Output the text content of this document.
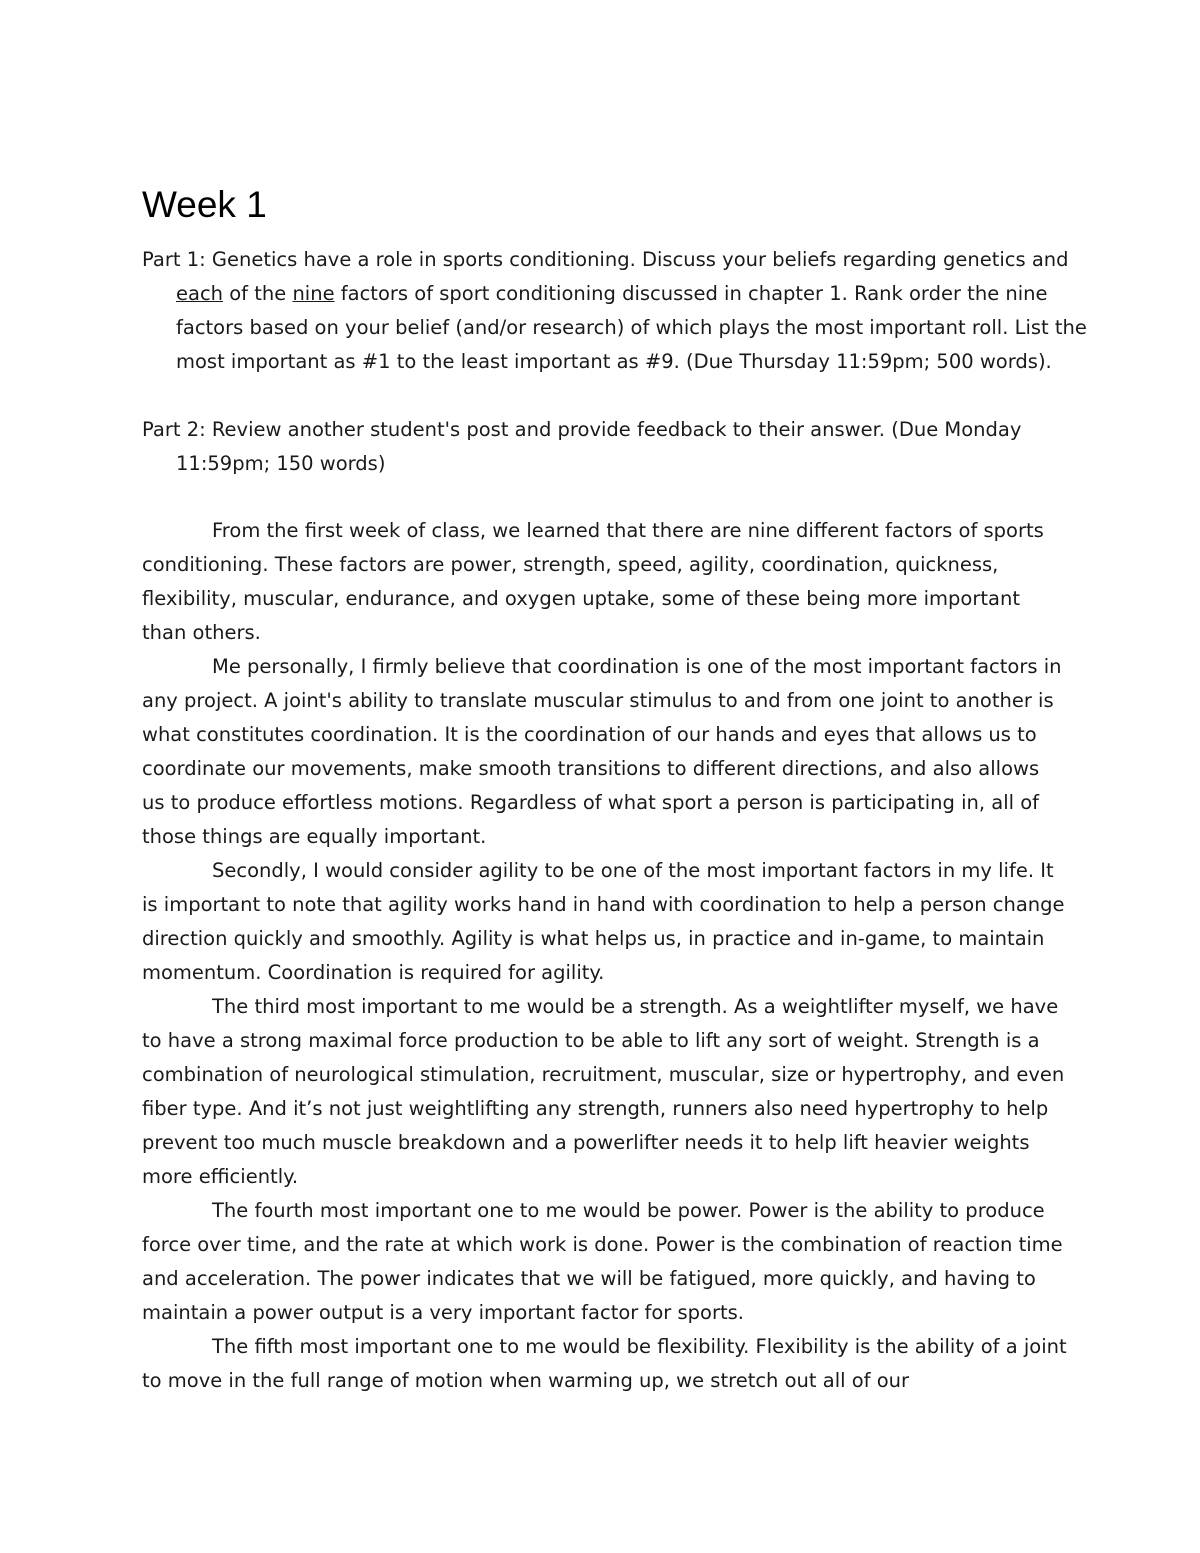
Week 1

Part 1: Genetics have a role in sports conditioning. Discuss your beliefs regarding genetics and each of the nine factors of sport conditioning discussed in chapter 1. Rank order the nine factors based on your belief (and/or research) of which plays the most important roll. List the most important as #1 to the least important as #9. (Due Thursday 11:59pm; 500 words).

Part 2: Review another student's post and provide feedback to their answer. (Due Monday 11:59pm; 150 words)

From the first week of class, we learned that there are nine different factors of sports conditioning. These factors are power, strength, speed, agility, coordination, quickness, flexibility, muscular, endurance, and oxygen uptake, some of these being more important than others.

Me personally, I firmly believe that coordination is one of the most important factors in any project. A joint's ability to translate muscular stimulus to and from one joint to another is what constitutes coordination. It is the coordination of our hands and eyes that allows us to coordinate our movements, make smooth transitions to different directions, and also allows us to produce effortless motions. Regardless of what sport a person is participating in, all of those things are equally important.

Secondly, I would consider agility to be one of the most important factors in my life. It is important to note that agility works hand in hand with coordination to help a person change direction quickly and smoothly. Agility is what helps us, in practice and in-game, to maintain momentum. Coordination is required for agility.

The third most important to me would be a strength. As a weightlifter myself, we have to have a strong maximal force production to be able to lift any sort of weight. Strength is a combination of neurological stimulation, recruitment, muscular, size or hypertrophy, and even fiber type. And it’s not just weightlifting any strength, runners also need hypertrophy to help prevent too much muscle breakdown and a powerlifter needs it to help lift heavier weights more efficiently.

The fourth most important one to me would be power. Power is the ability to produce force over time, and the rate at which work is done. Power is the combination of reaction time and acceleration. The power indicates that we will be fatigued, more quickly, and having to maintain a power output is a very important factor for sports.

The fifth most important one to me would be flexibility. Flexibility is the ability of a joint to move in the full range of motion when warming up, we stretch out all of our
